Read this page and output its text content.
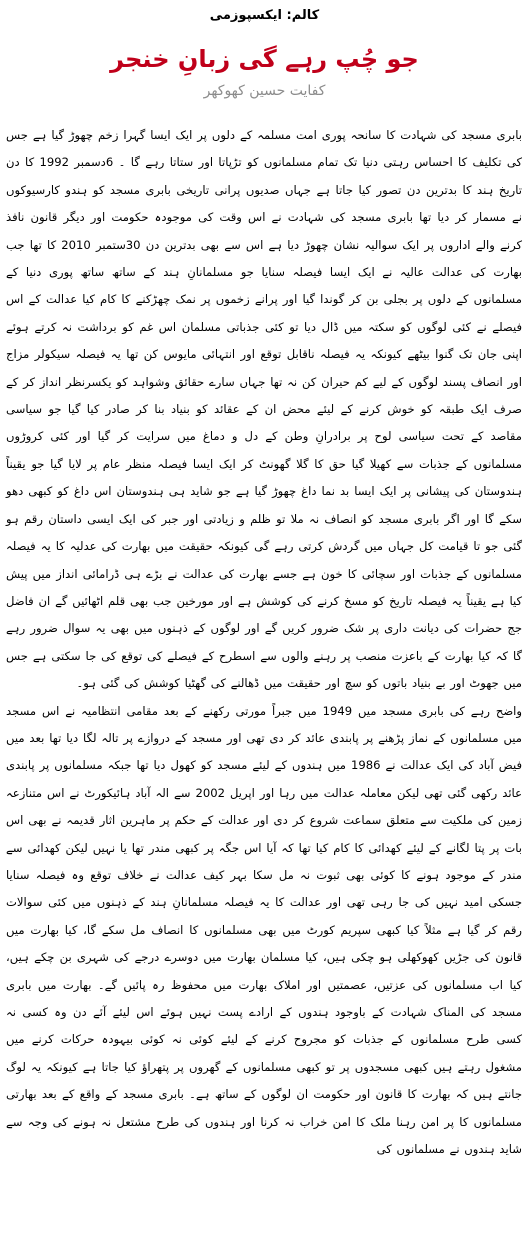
کالم: ایکسپوزمی
جو چُپ رہے گی زبانِ خنجر
کفایت حسین کھوکھر

بابری مسجد کی شہادت کا سانحہ پوری امت مسلمہ کے دلوں پر ایک ایسا گہرا زخم چھوڑ گیا ہے جس کی تکلیف کا احساس رہتی دنیا تک تمام مسلمانوں کو تڑپاتا اور ستاتا رہے گا ۔ 6دسمبر 1992 کا دن تاریخ ہند کا بدترین دن تصور کیا جاتا ہے جہاں صدیوں پرانی تاریخی بابری مسجد کو ہندو کارسیوکوں نے مسمار کر دیا تھا بابری مسجد کی شہادت نے اس وقت کی موجودہ حکومت اور دیگر قانون نافذ کرنے والے اداروں پر ایک سوالیہ نشان چھوڑ دیا ہے اس سے بھی بدترین دن 30ستمبر 2010 کا تھا جب بھارت کی عدالت عالیہ نے ایک ایسا فیصلہ سنایا جو مسلمانانِ ہند کے ساتھ ساتھ پوری دنیا کے مسلمانوں کے دلوں پر بجلی بن کر گوندا گیا اور پرانے زخموں پر نمک چھڑکنے کا کام کیا عدالت کے اس فیصلے نے کئی لوگوں کو سکتہ میں ڈال دیا تو کئی جذباتی مسلمان اس غم کو برداشت نہ کرتے ہوئے اپنی جان تک گنوا بیٹھے کیونکہ یہ فیصلہ ناقابل توقع اور انتہائی مایوس کن تھا یہ فیصلہ سیکولر مزاج اور انصاف پسند لوگوں کے لیے کم حیران کن نہ تھا جہاں سارے حقائق وشواہد کو یکسرنظر انداز کر کے صرف ایک طبقہ کو خوش کرنے کے لیئے محض ان کے عقائد کو بنیاد بنا کر صادر کیا گیا جو سیاسی مقاصد کے تحت سیاسی لوح پر برادرانِ وطن کے دل و دماغ میں سرایت کر گیا اور کئی کروڑوں مسلمانوں کے جذبات سے کھیلا گیا حق کا گلا گھونٹ کر ایک ایسا فیصلہ منظر عام پر لایا گیا جو یقیناً ہندوستان کی پیشانی پر ایک ایسا بد نما داغ چھوڑ گیا ہے جو شاید ہی ہندوستان اس داغ کو کبھی دھو سکے گا اور اگر بابری مسجد کو انصاف نہ ملا تو ظلم و زیادتی اور جبر کی ایک ایسی داستان رقم ہو گئی جو تا قیامت کل جہاں میں گردش کرتی رہے گی کیونکہ حقیقت میں بھارت کی عدلیہ کا یہ فیصلہ مسلمانوں کے جذبات اور سچائی کا خون ہے جسے بھارت کی عدالت نے بڑے ہی ڈرامائی انداز میں پیش کیا ہے یقیناً یہ فیصلہ تاریخ کو مسخ کرنے کی کوشش ہے اور مورخین جب بھی قلم اٹھائیں گے ان فاضل جج حضرات کی دیانت داری پر شک ضرور کریں گے اور لوگوں کے ذہنوں میں بھی یہ سوال ضرور رہے گا کہ کیا بھارت کے باعزت منصب پر رہنے والوں سے اسطرح کے فیصلے کی توقع کی جا سکتی ہے جس میں جھوٹ اور بے بنیاد باتوں کو سچ اور حقیقت میں ڈھالنے کی گھٹیا کوشش کی گئی ہو۔

واضح رہے کی بابری مسجد میں 1949 میں جبراً مورتی رکھنے کے بعد مقامی انتظامیہ نے اس مسجد میں مسلمانوں کے نماز پڑھنے پر پابندی عائد کر دی تھی اور مسجد کے دروازے پر تالہ لگا دیا تھا بعد میں فیض آباد کی ایک عدالت نے 1986 میں ہندوں کے لیئے مسجد کو کھول دیا تھا جبکہ مسلمانوں پر پابندی عائد رکھی گئی تھی لیکن معاملہ عدالت میں رہا اور اپریل 2002 سے الہ آباد ہائیکورٹ نے اس متنازعہ زمین کی ملکیت سے متعلق سماعت شروع کر دی اور عدالت کے حکم پر ماہرین اثار قدیمہ نے بھی اس بات پر پتا لگانے کے لیئے کھدائی کا کام کیا تھا کہ آیا اس جگہ پر کبھی مندر تھا یا نہیں لیکن کھدائی سے مندر کے موجود ہونے کا کوئی بھی ثبوت نہ مل سکا بہر کیف عدالت نے خلاف توقع وہ فیصلہ سنایا جسکی امید نہیں کی جا رہی تھی اور عدالت کا یہ فیصلہ مسلمانانِ ہند کے ذہنوں میں کئی سوالات رقم کر گیا ہے مثلاً کیا کبھی سپریم کورٹ میں بھی مسلمانوں کا انصاف مل سکے گا، کیا بھارت میں قانون کی جڑیں کھوکھلی ہو چکی ہیں، کیا مسلمان بھارت میں دوسرے درجے کی شہری بن چکے ہیں، کیا اب مسلمانوں کی عزتیں، عصمتیں اور املاک بھارت میں محفوظ رہ پائیں گے۔ بھارت میں بابری مسجد کی المناک شہادت کے باوجود ہندوں کے ارادے پست نہیں ہوئے اس لیئے آئے دن وہ کسی نہ کسی طرح مسلمانوں کے جذبات کو مجروح کرنے کے لیئے کوئی نہ کوئی بیہودہ حرکات کرنے میں مشغول رہتے ہیں کبھی مسجدوں پر تو کبھی مسلمانوں کے گھروں پر پتھراؤ کیا جاتا ہے کیونکہ یہ لوگ جانتے ہیں کہ بھارت کا قانون اور حکومت ان لوگوں کے ساتھ ہے۔ بابری مسجد کے واقع کے بعد بھارتی مسلمانوں کا پر امن رہنا ملک کا امن خراب نہ کرنا اور ہندوں کی طرح مشتعل نہ ہونے کی وجہ سے شاید ہندوں نے مسلمانوں کی
